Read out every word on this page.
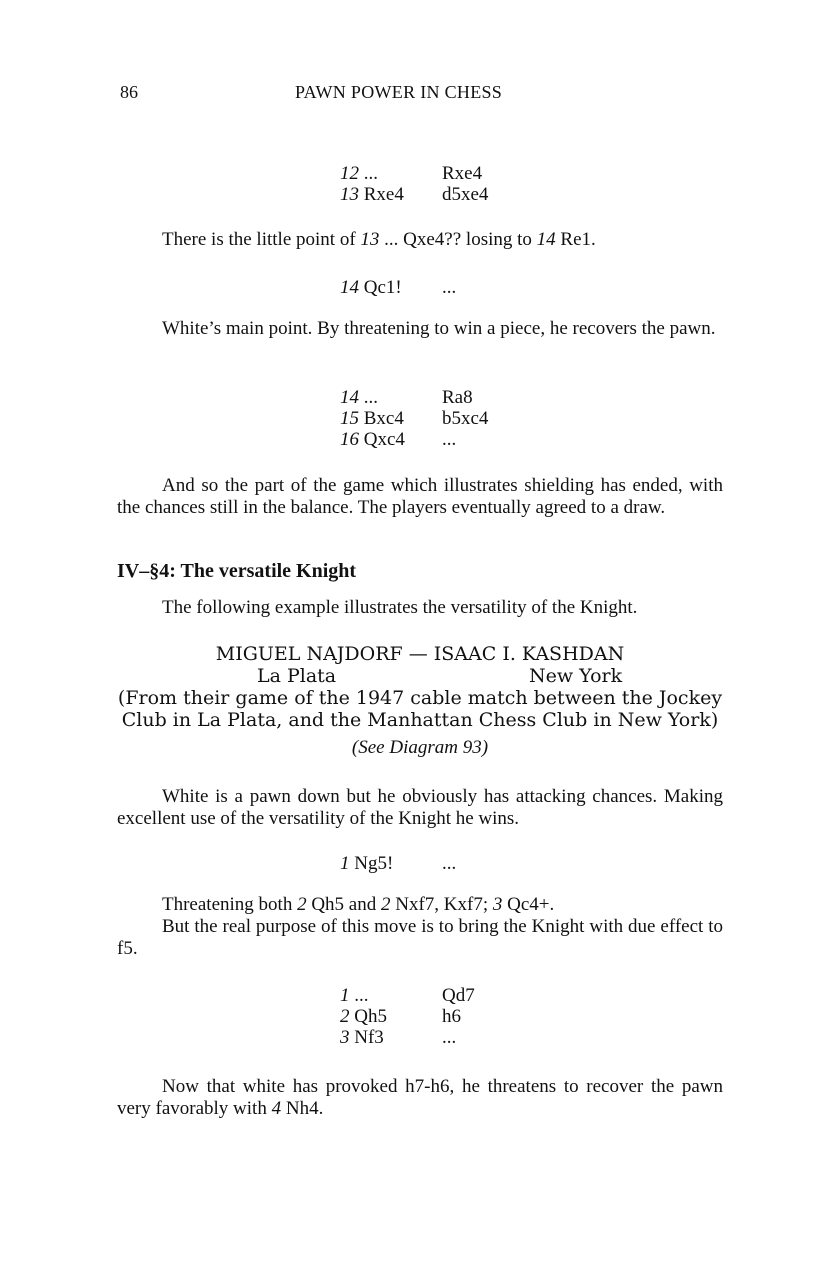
86	PAWN POWER IN CHESS
12 ...	Rxe4
13 Rxe4	d5xe4
There is the little point of 13 ... Qxe4?? losing to 14 Re1.
14 Qc1!	...
White’s main point. By threatening to win a piece, he recovers the pawn.
14 ...	Ra8
15 Bxc4	b5xc4
16 Qxc4	...
And so the part of the game which illustrates shielding has ended, with the chances still in the balance. The players eventually agreed to a draw.
IV–§4: The versatile Knight
The following example illustrates the versatility of the Knight.
MIGUEL NAJDORF — ISAAC I. KASHDAN
La Plata	New York
(From their game of the 1947 cable match between the Jockey
Club in La Plata, and the Manhattan Chess Club in New York)
(See Diagram 93)
White is a pawn down but he obviously has attacking chances. Making excellent use of the versatility of the Knight he wins.
1 Ng5!	...
Threatening both 2 Qh5 and 2 Nxf7, Kxf7; 3 Qc4+.
But the real purpose of this move is to bring the Knight with due effect to f5.
1 ...	Qd7
2 Qh5	h6
3 Nf3	...
Now that white has provoked h7-h6, he threatens to recover the pawn very favorably with 4 Nh4.
